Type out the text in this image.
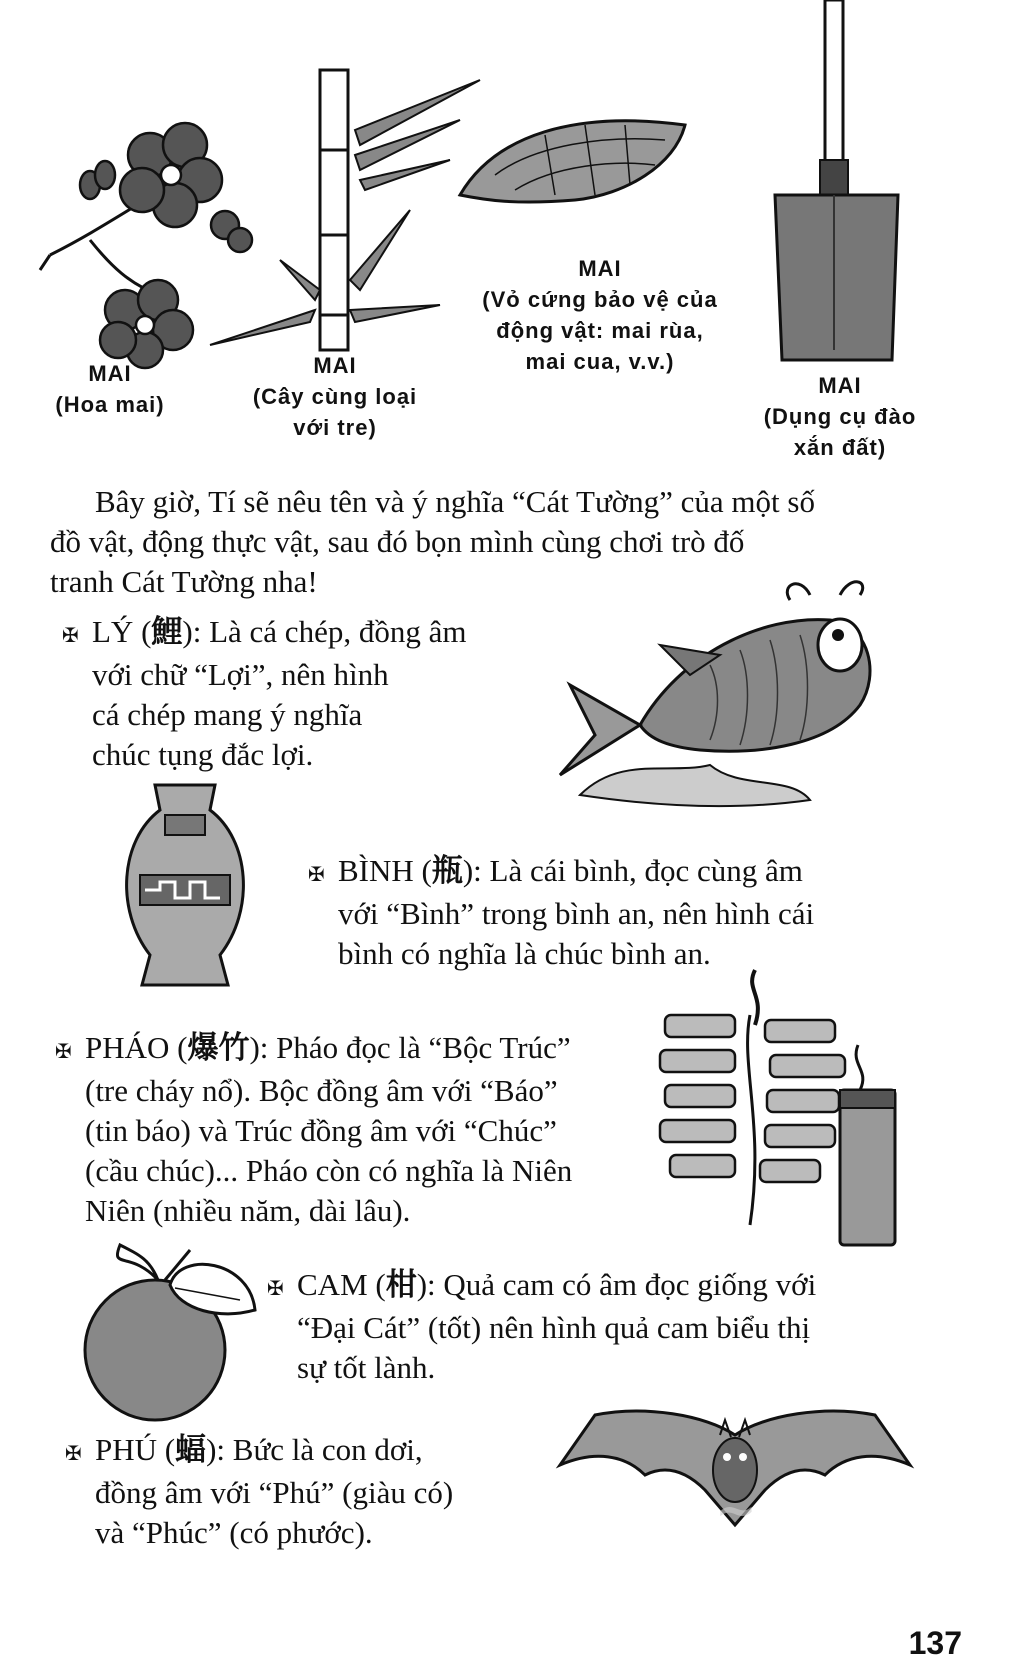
MAI
(Hoa mai)
MAI
(Cây cùng loại
với tre)
MAI
(Vỏ cứng bảo vệ của
động vật: mai rùa,
mai cua, v.v.)
MAI
(Dụng cụ đào
xắn đất)
Bây giờ, Tí sẽ nêu tên và ý nghĩa “Cát Tường” của một số
đồ vật, động thực vật, sau đó bọn mình cùng chơi trò đố
tranh Cát Tường nha!
✠ LÝ (鯉): Là cá chép, đồng âm
với chữ “Lợi”, nên hình
cá chép mang ý nghĩa
chúc tụng đắc lợi.
✠ BÌNH (瓶): Là cái bình, đọc cùng âm
với “Bình” trong bình an, nên hình cái
bình có nghĩa là chúc bình an.
✠ PHÁO (爆竹): Pháo đọc là “Bộc Trúc”
(tre cháy nổ). Bộc đồng âm với “Báo”
(tin báo) và Trúc đồng âm với “Chúc”
(cầu chúc)... Pháo còn có nghĩa là Niên
Niên (nhiều năm, dài lâu).
✠ CAM (柑): Quả cam có âm đọc giống với
“Đại Cát” (tốt) nên hình quả cam biểu thị
sự tốt lành.
✠ PHÚ (蝠): Bức là con dơi,
đồng âm với “Phú” (giàu có)
và “Phúc” (có phước).	~
137
